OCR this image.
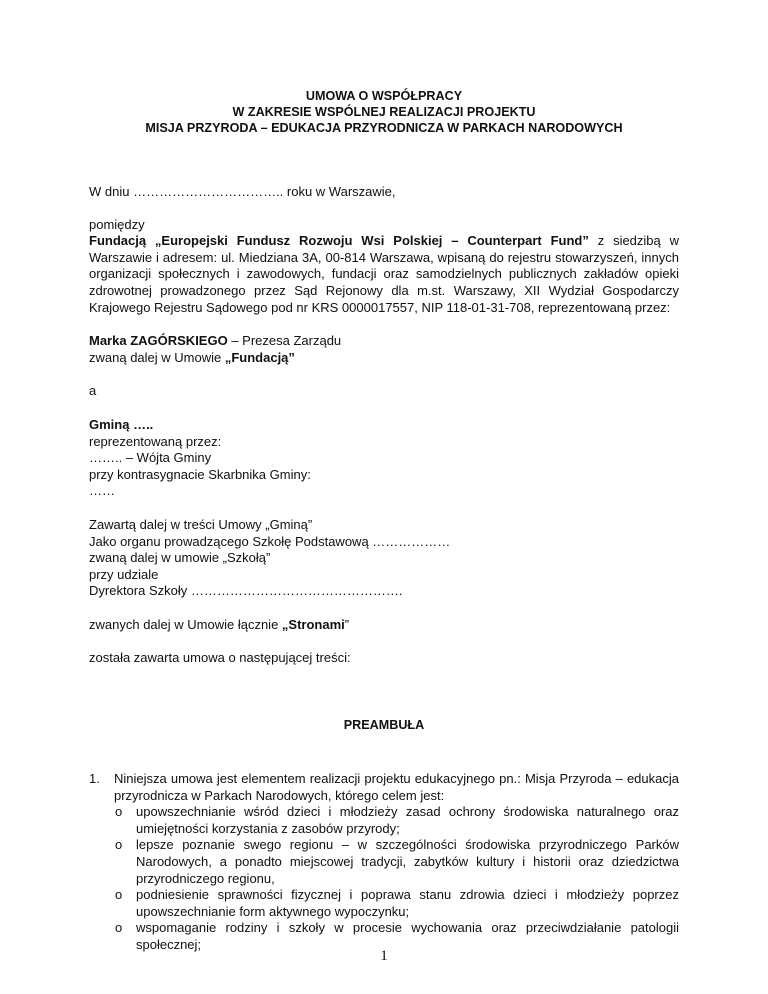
UMOWA O WSPÓŁPRACY
W ZAKRESIE WSPÓLNEJ REALIZACJI PROJEKTU
MISJA PRZYRODA – EDUKACJA PRZYRODNICZA W PARKACH NARODOWYCH

W dniu …………………………….. roku w Warszawie,

pomiędzy

Fundacją „Europejski Fundusz Rozwoju Wsi Polskiej – Counterpart Fund” z siedzibą w Warszawie i adresem: ul. Miedziana 3A, 00-814 Warszawa, wpisaną do rejestru stowarzyszeń, innych organizacji społecznych i zawodowych, fundacji oraz samodzielnych publicznych zakładów opieki zdrowotnej prowadzonego przez Sąd Rejonowy dla m.st. Warszawy, XII Wydział Gospodarczy Krajowego Rejestru Sądowego pod nr KRS 0000017557, NIP 118-01-31-708, reprezentowaną przez:

Marka ZAGÓRSKIEGO – Prezesa Zarządu

zwaną dalej w Umowie „Fundacją”

a

Gminą …..

reprezentowaną przez:

…….. – Wójta Gminy

przy kontrasygnacie Skarbnika Gminy:

……

Zawartą dalej w treści Umowy „Gminą”

Jako organu prowadzącego Szkołę Podstawową ………………

zwaną dalej w umowie „Szkołą”

przy udziale

Dyrektora Szkoły ………………………………………….

zwanych dalej w Umowie łącznie „Stronami”

została zawarta umowa o następującej treści:

PREAMBUŁA

1. Niniejsza umowa jest elementem realizacji projektu edukacyjnego pn.: Misja Przyroda – edukacja przyrodnicza w Parkach Narodowych, którego celem jest:
o upowszechnianie wśród dzieci i młodzieży zasad ochrony środowiska naturalnego oraz umiejętności korzystania z zasobów przyrody;
o lepsze poznanie swego regionu – w szczególności środowiska przyrodniczego Parków Narodowych, a ponadto miejscowej tradycji, zabytków kultury i historii oraz dziedzictwa przyrodniczego regionu,
o podniesienie sprawności fizycznej i poprawa stanu zdrowia dzieci i młodzieży poprzez upowszechnianie form aktywnego wypoczynku;
o wspomaganie rodziny i szkoły w procesie wychowania oraz przeciwdziałanie patologii społecznej;
1
